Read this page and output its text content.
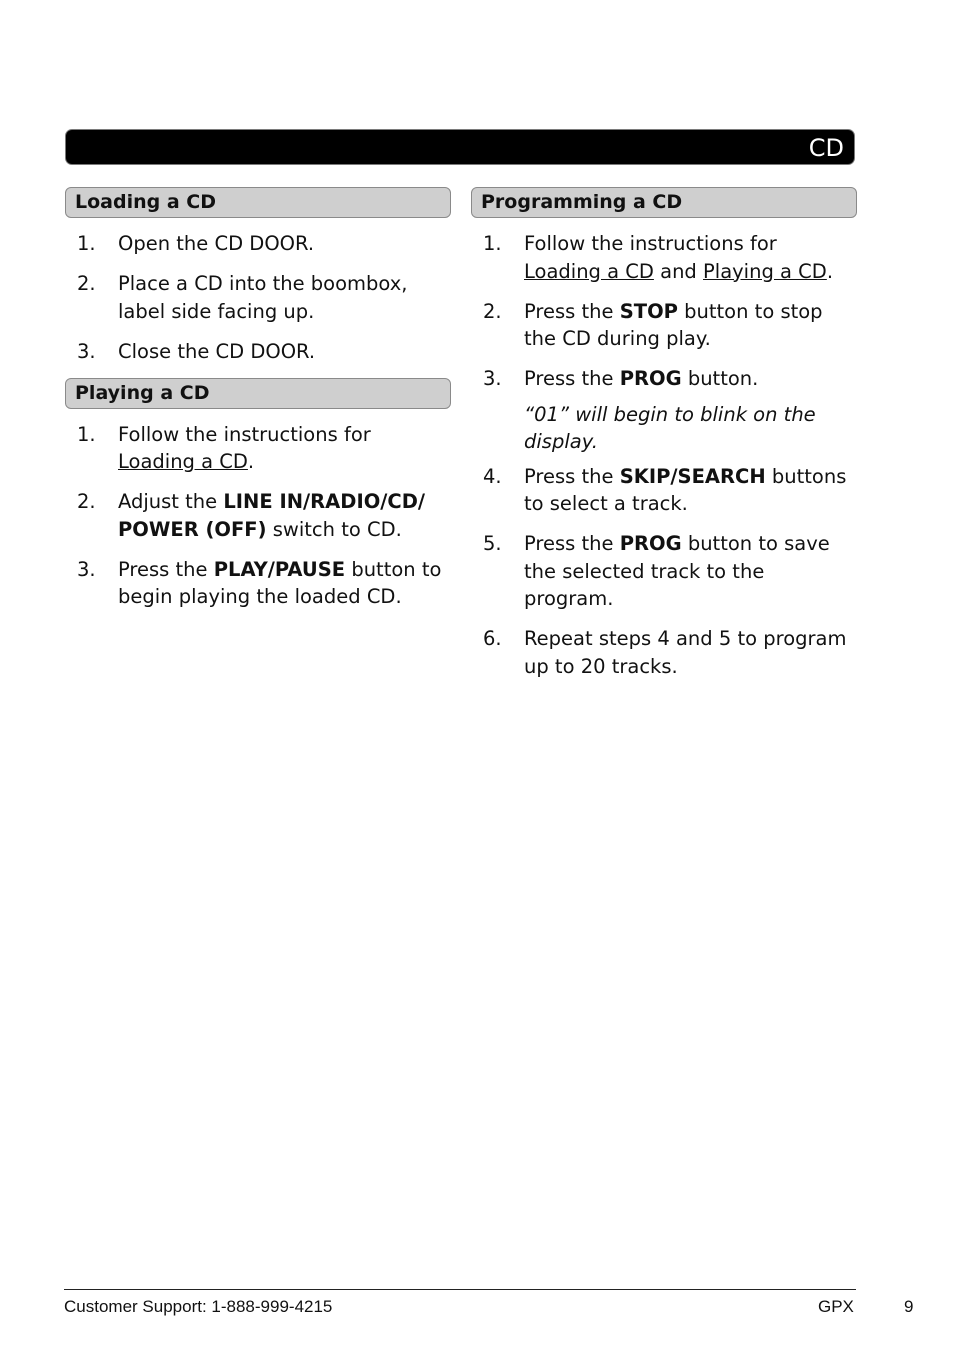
CD
Loading a CD
1. Open the CD DOOR.
2. Place a CD into the boombox, label side facing up.
3. Close the CD DOOR.
Playing a CD
1. Follow the instructions for Loading a CD.
2. Adjust the LINE IN/RADIO/CD/ POWER (OFF) switch to CD.
3. Press the PLAY/PAUSE button to begin playing the loaded CD.
Programming a CD
1. Follow the instructions for Loading a CD and Playing a CD.
2. Press the STOP button to stop the CD during play.
3. Press the PROG button.
“01” will begin to blink on the display.
4. Press the SKIP/SEARCH buttons to select a track.
5. Press the PROG button to save the selected track to the program.
6. Repeat steps 4 and 5 to program up to 20 tracks.
Customer Support: 1-888-999-4215	GPX	9
